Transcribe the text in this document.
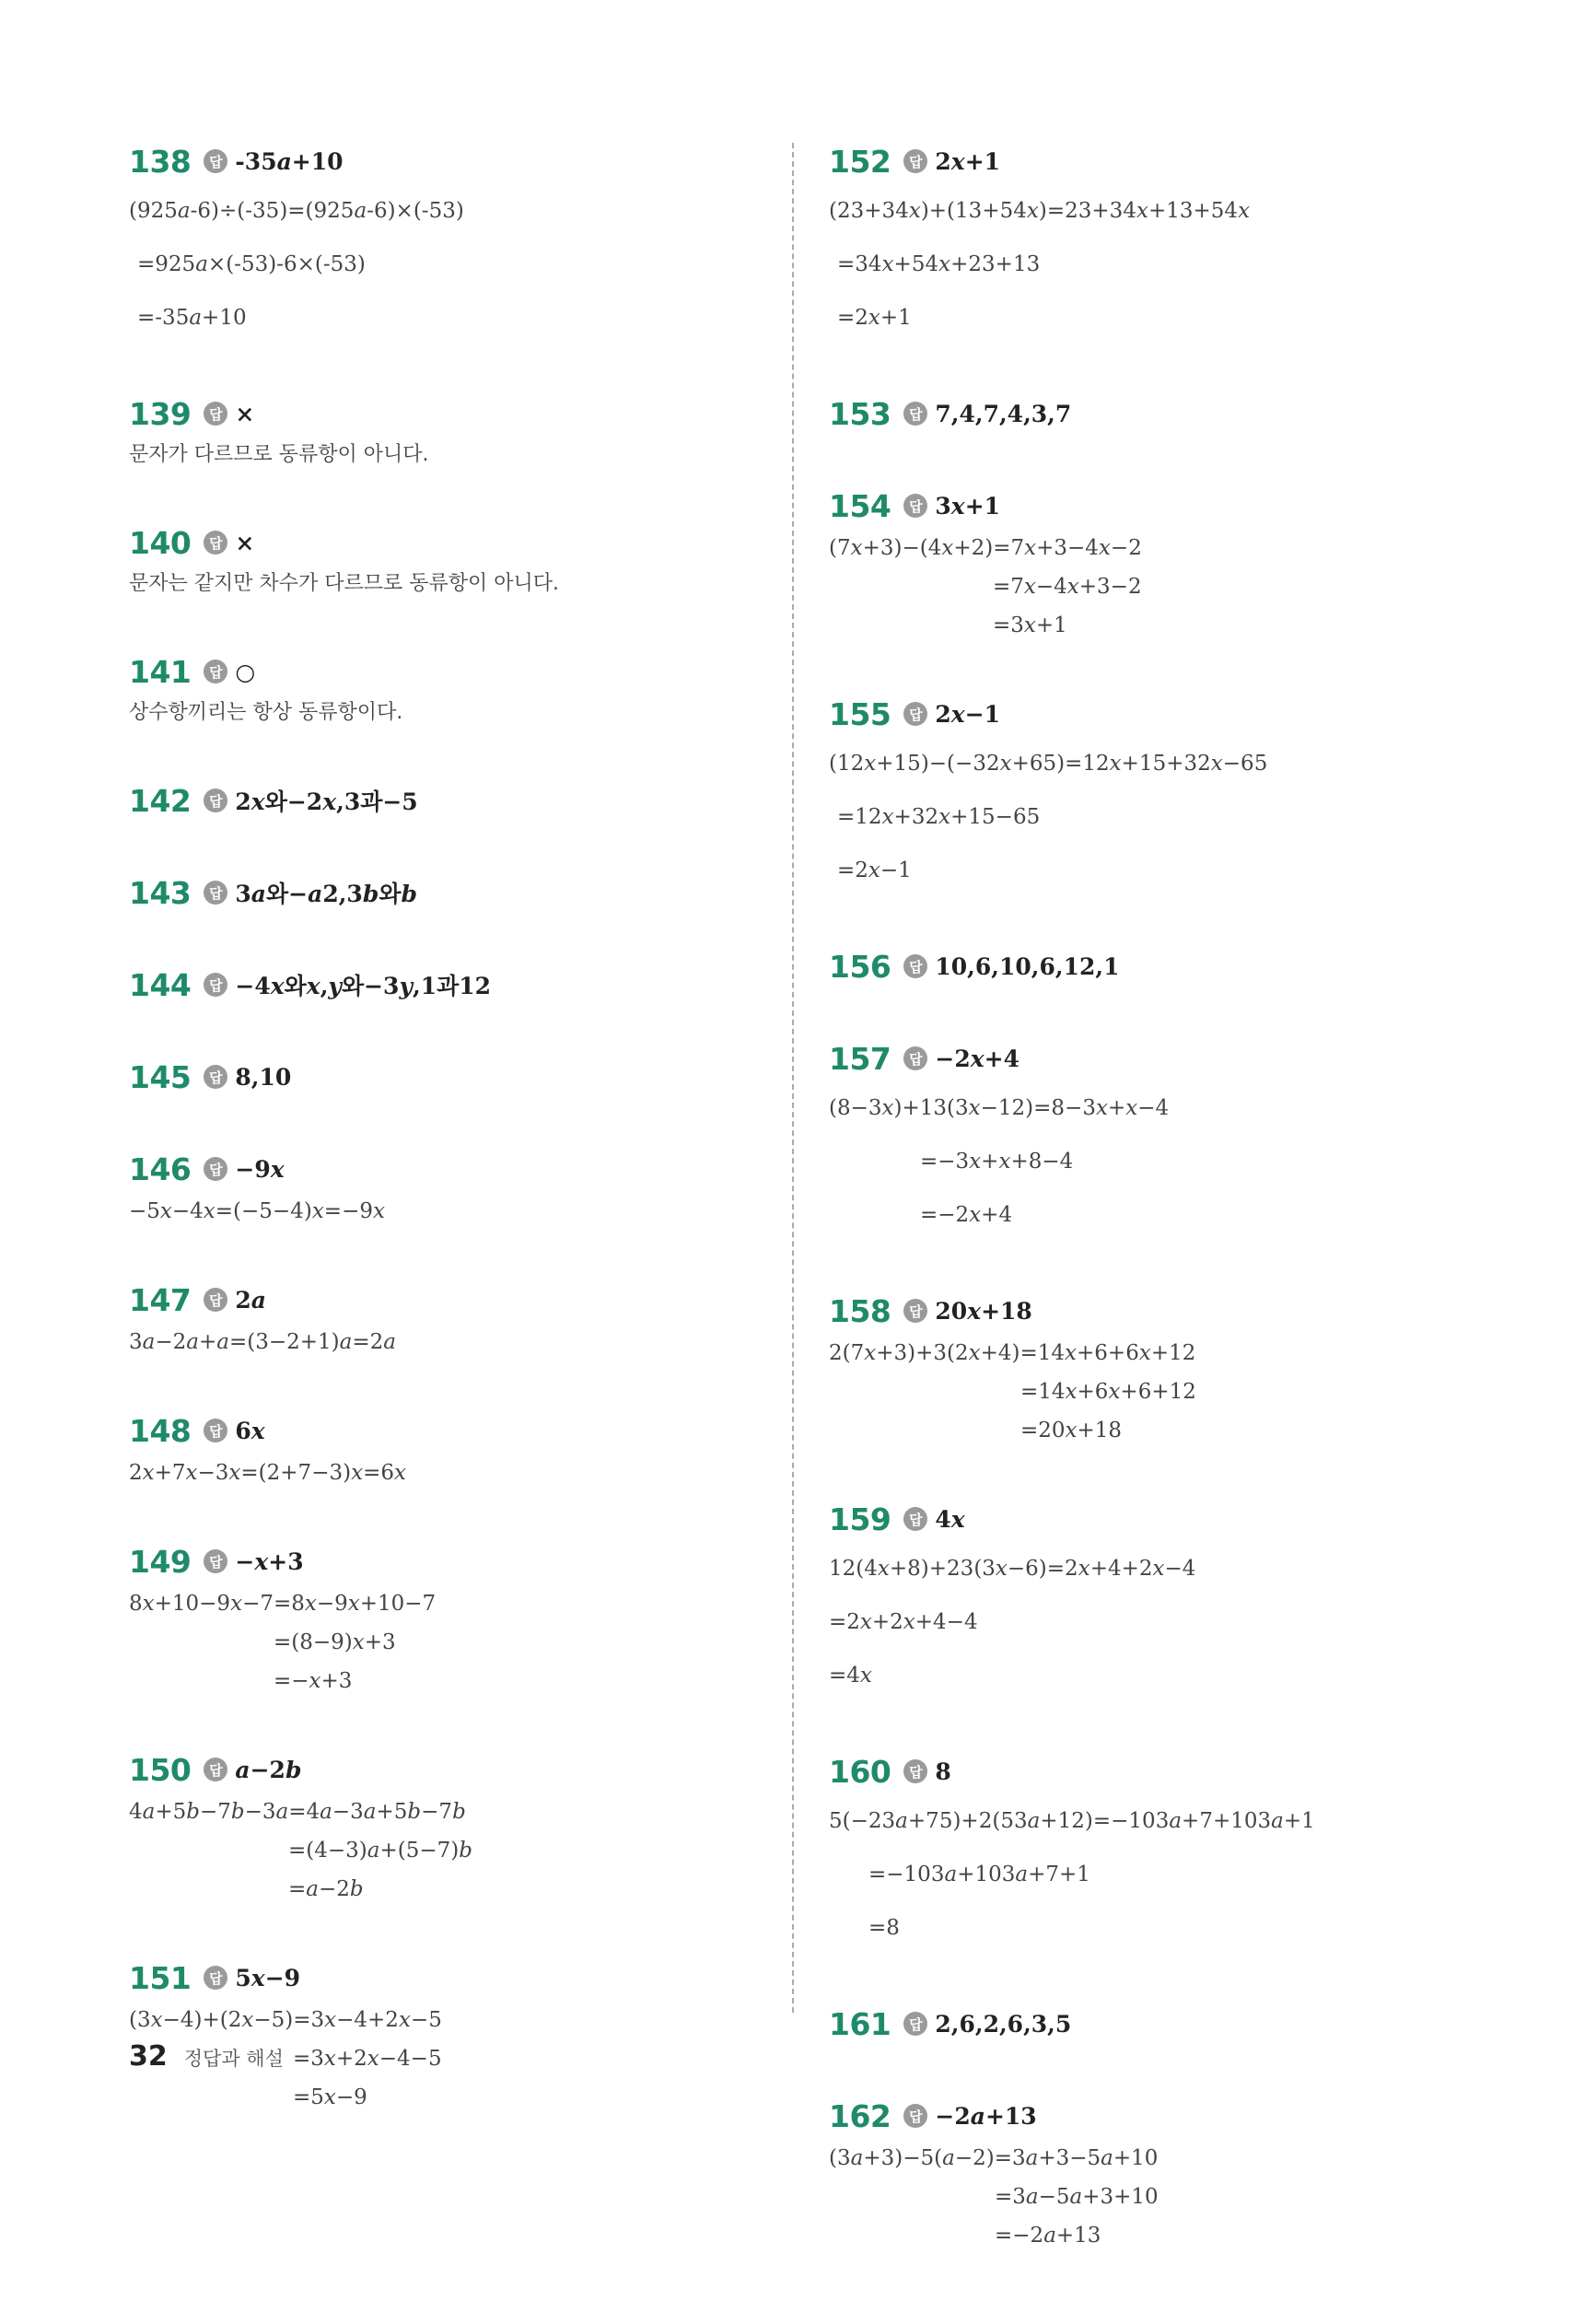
138	답 -35a+10
(925a-6)÷(-35)=(925a-6)×(-53)
=925a×(-53)-6×(-53)
=-35a+10
139	답 ×
문자가 다르므로 동류항이 아니다.
140	답 ×
문자는 같지만 차수가 다르므로 동류항이 아니다.
141	답 ○
상수항끼리는 항상 동류항이다.
142	답 2x와−2x,3과−5
143	답 3a와−a2,3b와b
144	답 −4x와x,y와−3y,1과12
145	답 8,10
146	답 −9x
−5x−4x=(−5−4)x=−9x
147	답 2a
3a−2a+a=(3−2+1)a=2a
148	답 6x
2x+7x−3x=(2+7−3)x=6x
149	답 −x+3
8x+10−9x−7=8x−9x+10−7
=(8−9)x+3
=−x+3
150	답 a−2b
4a+5b−7b−3a=4a−3a+5b−7b
=(4−3)a+(5−7)b
=a−2b
151	답 5x−9
(3x−4)+(2x−5)=3x−4+2x−5
=3x+2x−4−5
=5x−9
152	답 2x+1
(23+34x)+(13+54x)=23+34x+13+54x
=34x+54x+23+13
=2x+1
153	답 7,4,7,4,3,7
154	답 3x+1
(7x+3)−(4x+2)=7x+3−4x−2
=7x−4x+3−2
=3x+1
155	답 2x−1
(12x+15)−(−32x+65)=12x+15+32x−65
=12x+32x+15−65
=2x−1
156	답 10,6,10,6,12,1
157	답 −2x+4
(8−3x)+13(3x−12)=8−3x+x−4
=−3x+x+8−4
=−2x+4
158	답 20x+18
2(7x+3)+3(2x+4)=14x+6+6x+12
=14x+6x+6+12
=20x+18
159	답 4x
12(4x+8)+23(3x−6)=2x+4+2x−4
=2x+2x+4−4
=4x
160	답 8
5(−23a+75)+2(53a+12)=−103a+7+103a+1
=−103a+103a+7+1
=8
161	답 2,6,2,6,3,5
162	답 −2a+13
(3a+3)−5(a−2)=3a+3−5a+10
=3a−5a+3+10
=−2a+13
32 정답과 해설
